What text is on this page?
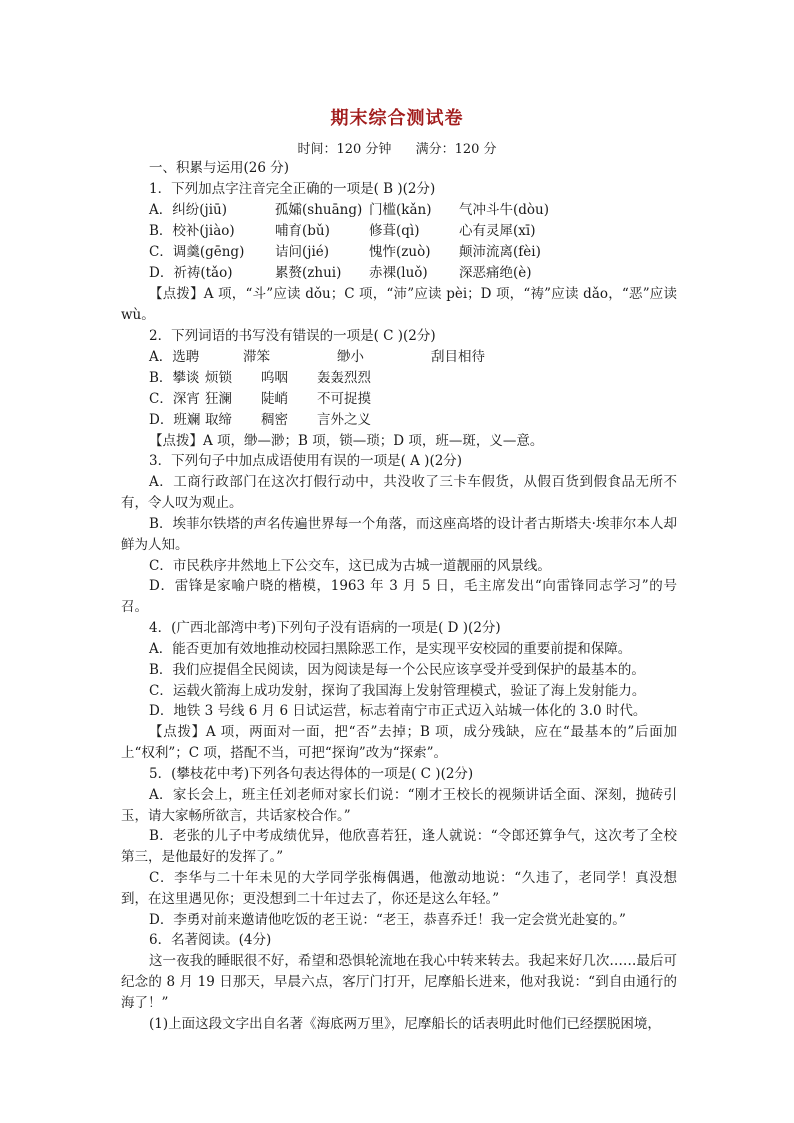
期末综合测试卷
时间：120 分钟 满分：120 分
一、积累与运用(26 分)
1．下列加点字注音完全正确的一项是( B )(2分)
A．纠纷(jiū)	孤孀(shuāng) 门槛(kǎn)	气冲斗牛(dòu)
B．校补(jiào)	哺育(bǔ)	修葺(qì)	心有灵犀(xī)
C．调羹(gēng)	诘问(jié)	愧怍(zuò)	颠沛流离(fèi)
D．祈祷(tǎo)	累赘(zhui)	赤裸(luǒ)	深恶痛绝(è)
【点拨】A 项，“斗”应读 dǒu；C 项，“沛”应读 pèi；D 项，“祷”应读 dǎo，“恶”应读 wù。
2．下列词语的书写没有错误的一项是( C )(2分)
A．选聘	滞笨	缈小	刮目相待
B．攀谈 烦锁	呜咽	轰轰烈烈
C．深宵 狂澜	陡峭	不可捉摸
D．班斓 取缔	稠密	言外之义
【点拨】A 项，缈—渺；B 项，锁—琐；D 项，班—斑，义—意。
3．下列句子中加点成语使用有误的一项是( A )(2分)
A．工商行政部门在这次打假行动中，共没收了三卡车假货，从假百货到假食品无所不有，令人叹为观止。
B．埃菲尔铁塔的声名传遍世界每一个角落，而这座高塔的设计者古斯塔夫·埃菲尔本人却鲜为人知。
C．市民秩序井然地上下公交车，这已成为古城一道靓丽的风景线。
D．雷锋是家喻户晓的楷模，1963 年 3 月 5 日，毛主席发出“向雷锋同志学习”的号召。
4．(广西北部湾中考)下列句子没有语病的一项是( D )(2分)
A．能否更加有效地推动校园扫黑除恶工作，是实现平安校园的重要前提和保障。
B．我们应提倡全民阅读，因为阅读是每一个公民应该享受并受到保护的最基本的。
C．运载火箭海上成功发射，探询了我国海上发射管理模式，验证了海上发射能力。
D．地铁 3 号线 6 月 6 日试运营，标志着南宁市正式迈入站城一体化的 3.0 时代。
【点拨】A 项，两面对一面，把“否”去掉；B 项，成分残缺，应在“最基本的”后面加上“权利”；C 项，搭配不当，可把“探询”改为“探索”。
5．(攀枝花中考)下列各句表达得体的一项是( C )(2分)
A．家长会上，班主任刘老师对家长们说：“刚才王校长的视频讲话全面、深刻，抛砖引玉，请大家畅所欲言，共话家校合作。”
B．老张的儿子中考成绩优异，他欣喜若狂，逢人就说：“令郎还算争气，这次考了全校第三，是他最好的发挥了。”
C．李华与二十年未见的大学同学张梅偶遇，他激动地说：“久违了，老同学！真没想到，在这里遇见你；更没想到二十年过去了，你还是这么年轻。”
D．李勇对前来邀请他吃饭的老王说：“老王，恭喜乔迁！我一定会赏光赴宴的。”
6．名著阅读。(4分)
这一夜我的睡眠很不好，希望和恐惧轮流地在我心中转来转去。我起来好几次……最后可纪念的 8 月 19 日那天，早晨六点，客厅门打开，尼摩船长进来，他对我说：“到自由通行的海了！”
(1)上面这段文字出自名著《海底两万里》，尼摩船长的话表明此时他们已经摆脱困境，
